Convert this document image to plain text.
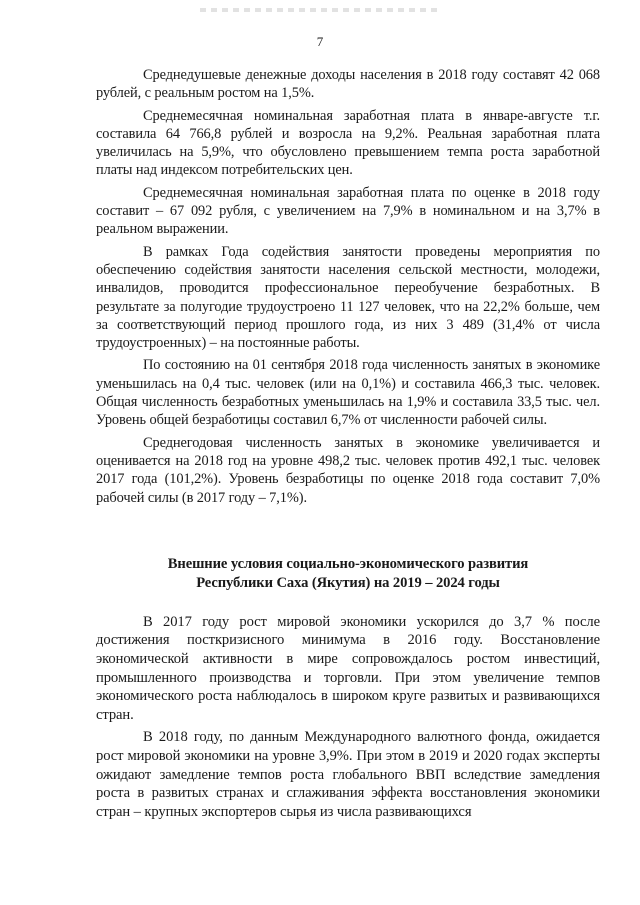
7

Среднедушевые денежные доходы населения в 2018 году составят 42 068 рублей, с реальным ростом на 1,5%.

Среднемесячная номинальная заработная плата в январе-августе т.г. составила 64 766,8 рублей и возросла на 9,2%. Реальная заработная плата увеличилась на 5,9%, что обусловлено превышением темпа роста заработной платы над индексом потребительских цен.

Среднемесячная номинальная заработная плата по оценке в 2018 году составит – 67 092 рубля, с увеличением на 7,9% в номинальном и на 3,7% в реальном выражении.

В рамках Года содействия занятости проведены мероприятия по обеспечению содействия занятости населения сельской местности, молодежи, инвалидов, проводится профессиональное переобучение безработных. В результате за полугодие трудоустроено 11 127 человек, что на 22,2% больше, чем за соответствующий период прошлого года, из них 3 489 (31,4% от числа трудоустроенных) – на постоянные работы.

По состоянию на 01 сентября 2018 года численность занятых в экономике уменьшилась на 0,4 тыс. человек (или на 0,1%) и составила 466,3 тыс. человек. Общая численность безработных уменьшилась на 1,9% и составила 33,5 тыс. чел. Уровень общей безработицы составил 6,7% от численности рабочей силы.

Среднегодовая численность занятых в экономике увеличивается и оценивается на 2018 год на уровне 498,2 тыс. человек против 492,1 тыс. человек 2017 года (101,2%). Уровень безработицы по оценке 2018 года составит 7,0% рабочей силы (в 2017 году – 7,1%).

Внешние условия социально-экономического развития
Республики Саха (Якутия) на 2019 – 2024 годы

В 2017 году рост мировой экономики ускорился до 3,7 % после достижения посткризисного минимума в 2016 году. Восстановление экономической активности в мире сопровождалось ростом инвестиций, промышленного производства и торговли. При этом увеличение темпов экономического роста наблюдалось в широком круге развитых и развивающихся стран.

В 2018 году, по данным Международного валютного фонда, ожидается рост мировой экономики на уровне 3,9%. При этом в 2019 и 2020 годах эксперты ожидают замедление темпов роста глобального ВВП вследствие замедления роста в развитых странах и сглаживания эффекта восстановления экономики стран – крупных экспортеров сырья из числа развивающихся
